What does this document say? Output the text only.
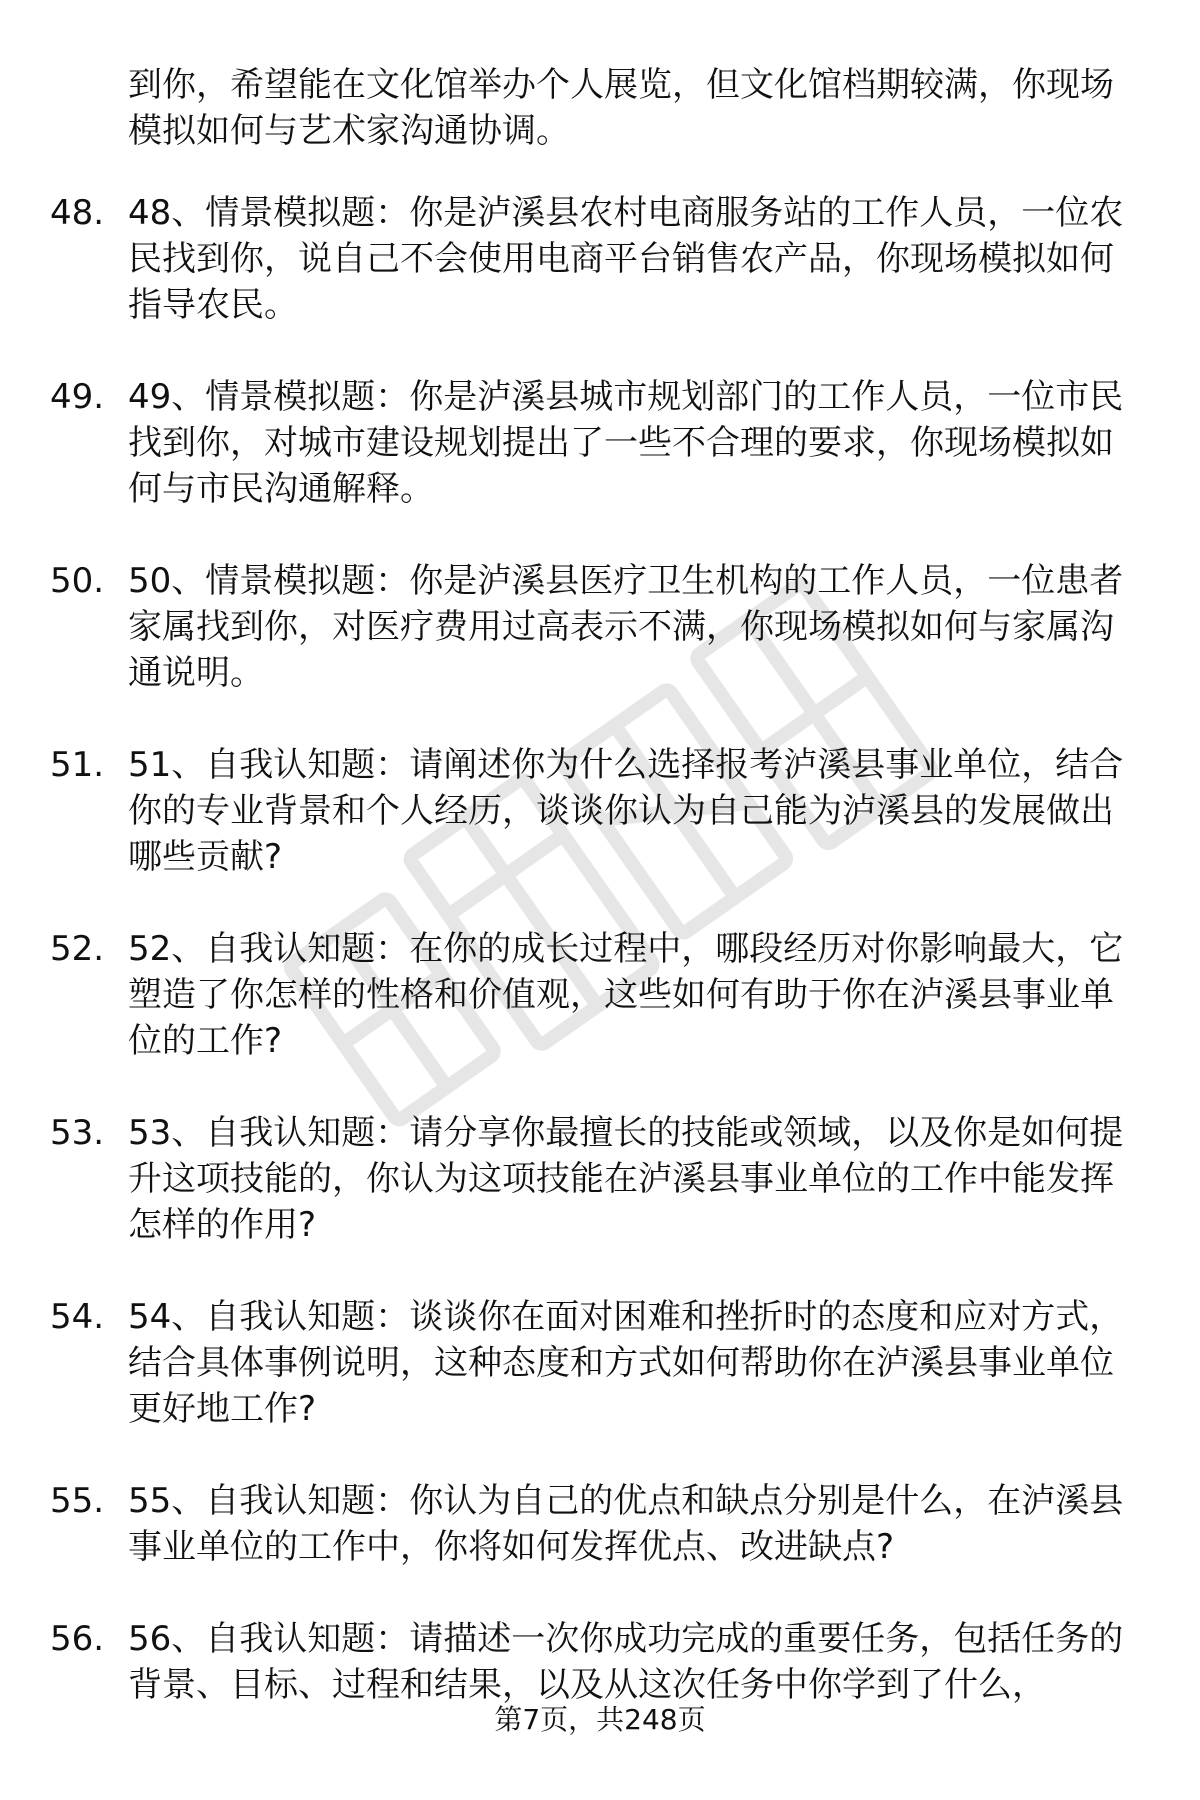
到你，希望能在文化馆举办个人展览，但文化馆档期较满，你现场模拟如何与艺术家沟通协调。
48. 48、情景模拟题：你是泸溪县农村电商服务站的工作人员，一位农民找到你，说自己不会使用电商平台销售农产品，你现场模拟如何指导农民。
49. 49、情景模拟题：你是泸溪县城市规划部门的工作人员，一位市民找到你，对城市建设规划提出了一些不合理的要求，你现场模拟如何与市民沟通解释。
50. 50、情景模拟题：你是泸溪县医疗卫生机构的工作人员，一位患者家属找到你，对医疗费用过高表示不满，你现场模拟如何与家属沟通说明。
51. 51、自我认知题：请阐述你为什么选择报考泸溪县事业单位，结合你的专业背景和个人经历，谈谈你认为自己能为泸溪县的发展做出哪些贡献?
52. 52、自我认知题：在你的成长过程中，哪段经历对你影响最大，它塑造了你怎样的性格和价值观，这些如何有助于你在泸溪县事业单位的工作?
53. 53、自我认知题：请分享你最擅长的技能或领域，以及你是如何提升这项技能的，你认为这项技能在泸溪县事业单位的工作中能发挥怎样的作用?
54. 54、自我认知题：谈谈你在面对困难和挫折时的态度和应对方式，结合具体事例说明，这种态度和方式如何帮助你在泸溪县事业单位更好地工作?
55. 55、自我认知题：你认为自己的优点和缺点分别是什么，在泸溪县事业单位的工作中，你将如何发挥优点、改进缺点?
56. 56、自我认知题：请描述一次你成功完成的重要任务，包括任务的背景、目标、过程和结果，以及从这次任务中你学到了什么，
第7页，共248页
